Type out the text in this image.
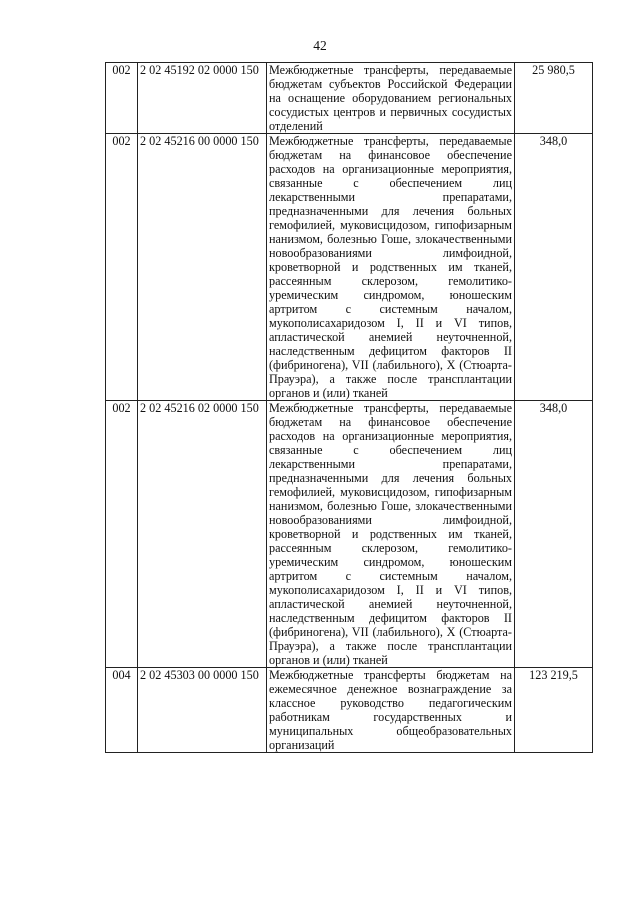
42
002	2 02 45192 02 0000 150	Межбюджетные трансферты, передаваемые бюджетам субъектов Российской Федерации на оснащение оборудованием региональных сосудистых центров и первичных сосудистых отделений	25 980,5
002	2 02 45216 00 0000 150	Межбюджетные трансферты, передаваемые бюджетам на финансовое обеспечение расходов на организационные мероприятия, связанные с обеспечением лиц лекарственными препаратами, предназначенными для лечения больных гемофилией, муковисцидозом, гипофизарным нанизмом, болезнью Гоше, злокачественными новообразованиями лимфоидной, кроветворной и родственных им тканей, рассеянным склерозом, гемолитико-уремическим синдромом, юношеским артритом с системным началом, мукополисахаридозом I, II и VI типов, апластической анемией неуточненной, наследственным дефицитом факторов II (фибриногена), VII (лабильного), X (Стюарта-Прауэра), а также после трансплантации органов и (или) тканей	348,0
002	2 02 45216 02 0000 150	Межбюджетные трансферты, передаваемые бюджетам на финансовое обеспечение расходов на организационные мероприятия, связанные с обеспечением лиц лекарственными препаратами, предназначенными для лечения больных гемофилией, муковисцидозом, гипофизарным нанизмом, болезнью Гоше, злокачественными новообразованиями лимфоидной, кроветворной и родственных им тканей, рассеянным склерозом, гемолитико-уремическим синдромом, юношеским артритом с системным началом, мукополисахаридозом I, II и VI типов, апластической анемией неуточненной, наследственным дефицитом факторов II (фибриногена), VII (лабильного), X (Стюарта-Прауэра), а также после трансплантации органов и (или) тканей	348,0
004	2 02 45303 00 0000 150	Межбюджетные трансферты бюджетам на ежемесячное денежное вознаграждение за классное руководство педагогическим работникам государственных и муниципальных общеобразовательных организаций	123 219,5
